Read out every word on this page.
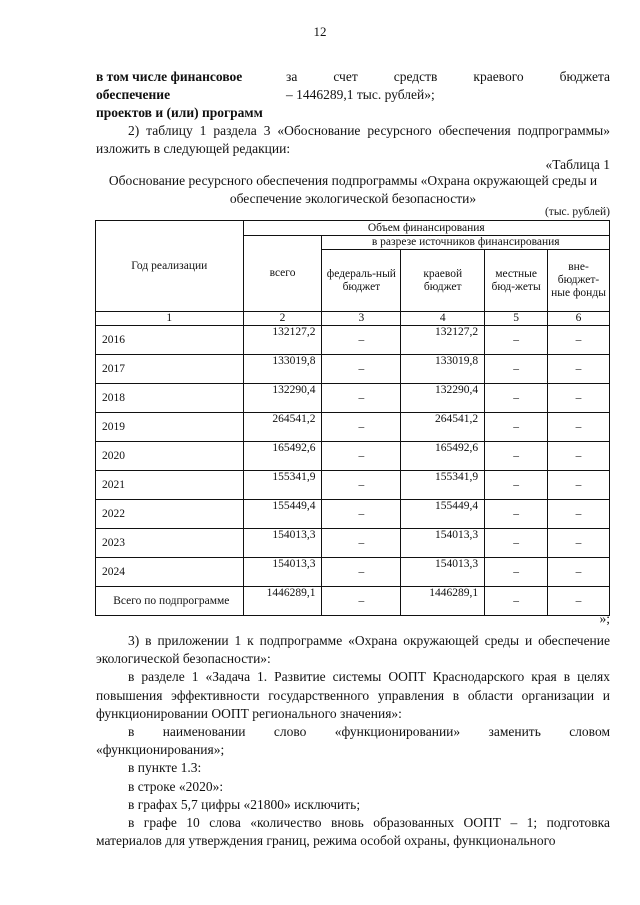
12
в том числе финансовое	за счет средств краевого бюджета
обеспечение	– 1446289,1 тыс. рублей»;
проектов и (или) программ
2) таблицу 1 раздела 3 «Обоснование ресурсного обеспечения подпрограммы» изложить в следующей редакции:
«Таблица 1
Обоснование ресурсного обеспечения подпрограммы «Охрана окружающей среды и обеспечение экологической безопасности»
(тыс. рублей)
Год реализации	Объем финансирования				
	всего	в разрезе источников финансирования			
		федераль-ный бюджет	краевой бюджет	местные бюд-жеты	вне-бюджет-ные фонды
1	2	3	4	5	6
2016	132127,2	–	132127,2	–	–
2017	133019,8	–	133019,8	–	–
2018	132290,4	–	132290,4	–	–
2019	264541,2	–	264541,2	–	–
2020	165492,6	–	165492,6	–	–
2021	155341,9	–	155341,9	–	–
2022	155449,4	–	155449,4	–	–
2023	154013,3	–	154013,3	–	–
2024	154013,3	–	154013,3	–	–
Всего по подпрограмме	1446289,1	–	1446289,1	–	–
»;

3) в приложении 1 к подпрограмме «Охрана окружающей среды и обеспечение экологической безопасности»:

в разделе 1 «Задача 1. Развитие системы ООПТ Краснодарского края в целях повышения эффективности государственного управления в области организации и функционировании ООПТ регионального значения»:

в наименовании слово «функционировании» заменить словом «функционирования»;

в пункте 1.3:

в строке «2020»:

в графах 5,7 цифры «21800» исключить;

в графе 10 слова «количество вновь образованных ООПТ – 1; подготовка материалов для утверждения границ, режима особой охраны, функционального
